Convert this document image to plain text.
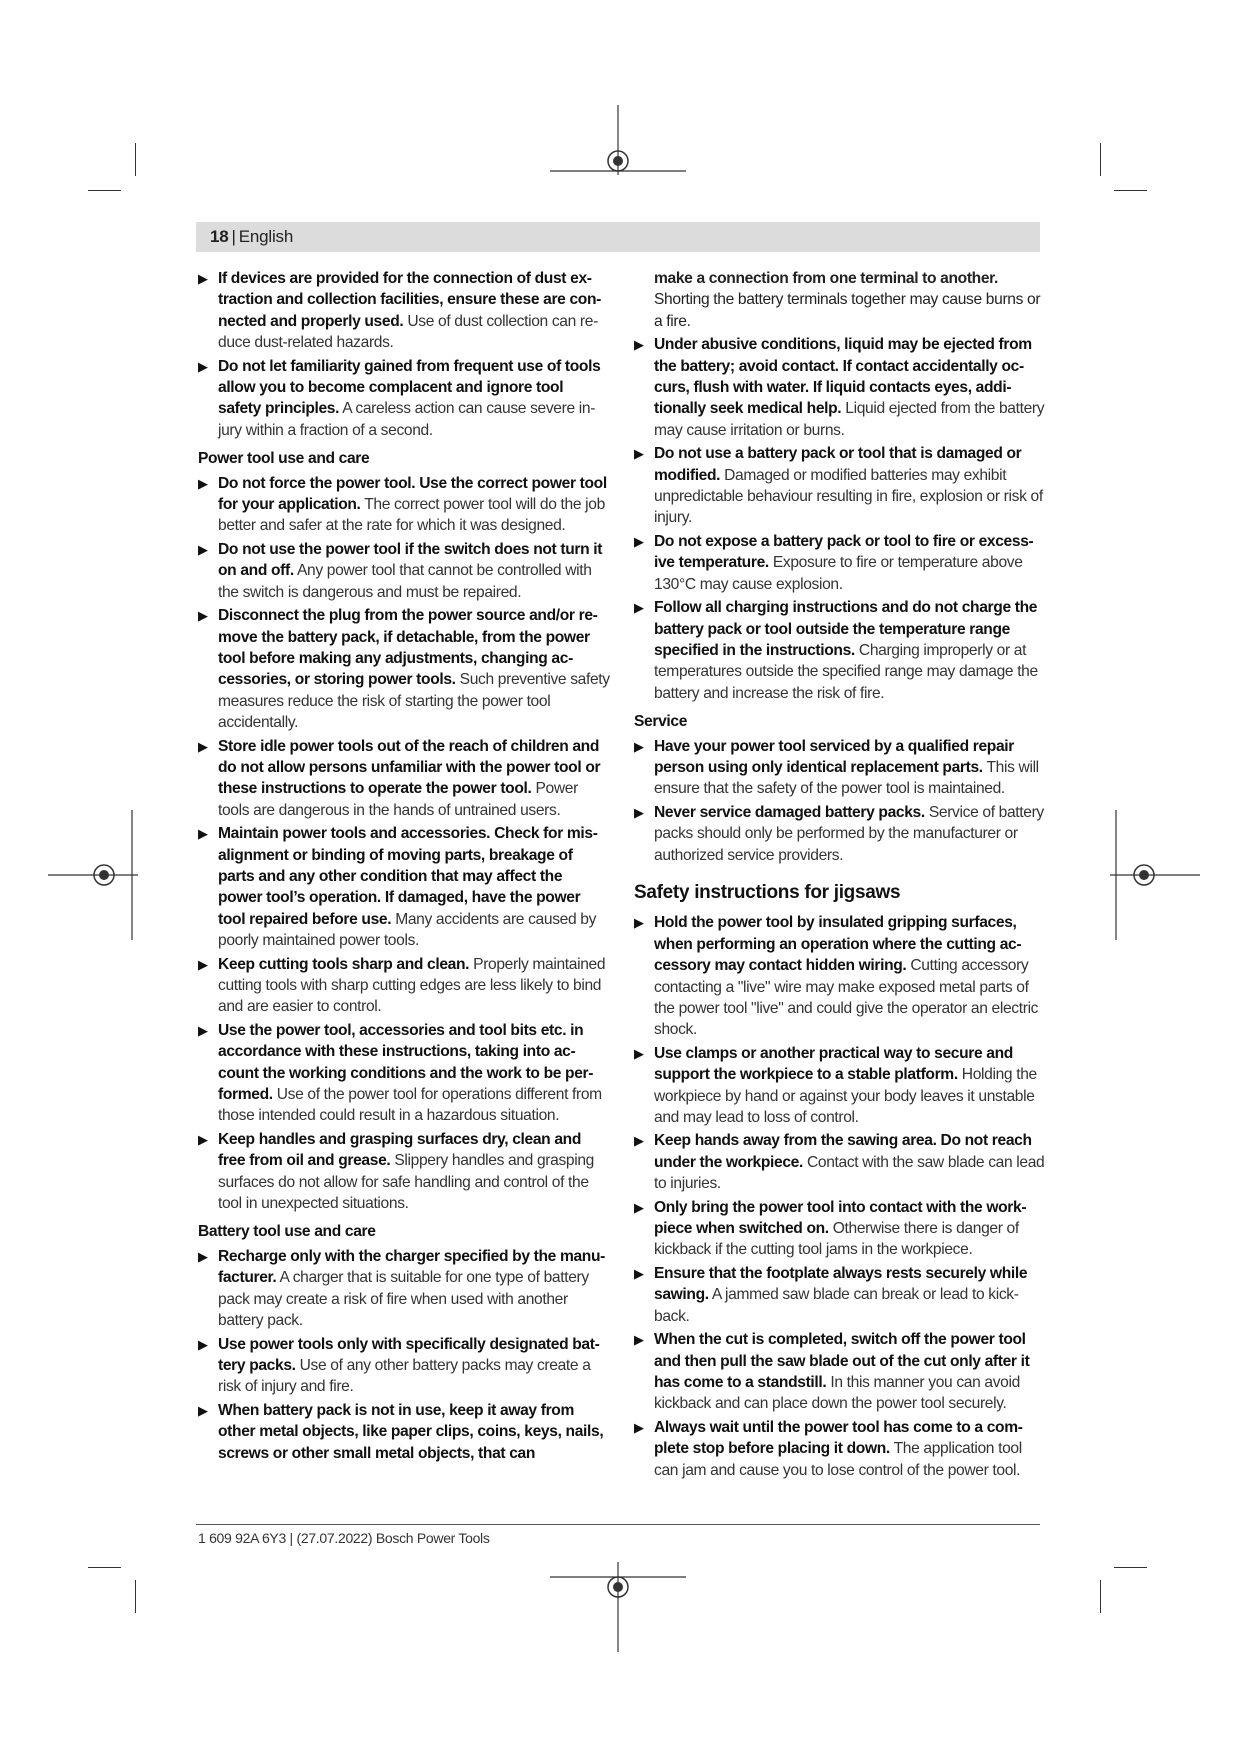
18 | English
▶ If devices are provided for the connection of dust extraction and collection facilities, ensure these are connected and properly used. Use of dust collection can reduce dust-related hazards.
▶ Do not let familiarity gained from frequent use of tools allow you to become complacent and ignore tool safety principles. A careless action can cause severe injury within a fraction of a second.
Power tool use and care
▶ Do not force the power tool. Use the correct power tool for your application. The correct power tool will do the job better and safer at the rate for which it was designed.
▶ Do not use the power tool if the switch does not turn it on and off. Any power tool that cannot be controlled with the switch is dangerous and must be repaired.
▶ Disconnect the plug from the power source and/or remove the battery pack, if detachable, from the power tool before making any adjustments, changing accessories, or storing power tools. Such preventive safety measures reduce the risk of starting the power tool accidentally.
▶ Store idle power tools out of the reach of children and do not allow persons unfamiliar with the power tool or these instructions to operate the power tool. Power tools are dangerous in the hands of untrained users.
▶ Maintain power tools and accessories. Check for misalignment or binding of moving parts, breakage of parts and any other condition that may affect the power tool’s operation. If damaged, have the power tool repaired before use. Many accidents are caused by poorly maintained power tools.
▶ Keep cutting tools sharp and clean. Properly maintained cutting tools with sharp cutting edges are less likely to bind and are easier to control.
▶ Use the power tool, accessories and tool bits etc. in accordance with these instructions, taking into account the working conditions and the work to be performed. Use of the power tool for operations different from those intended could result in a hazardous situation.
▶ Keep handles and grasping surfaces dry, clean and free from oil and grease. Slippery handles and grasping surfaces do not allow for safe handling and control of the tool in unexpected situations.
Battery tool use and care
▶ Recharge only with the charger specified by the manufacturer. A charger that is suitable for one type of battery pack may create a risk of fire when used with another battery pack.
▶ Use power tools only with specifically designated battery packs. Use of any other battery packs may create a risk of injury and fire.
▶ When battery pack is not in use, keep it away from other metal objects, like paper clips, coins, keys, nails, screws or other small metal objects, that can
make a connection from one terminal to another. Shorting the battery terminals together may cause burns or a fire.
▶ Under abusive conditions, liquid may be ejected from the battery; avoid contact. If contact accidentally occurs, flush with water. If liquid contacts eyes, additionally seek medical help. Liquid ejected from the battery may cause irritation or burns.
▶ Do not use a battery pack or tool that is damaged or modified. Damaged or modified batteries may exhibit unpredictable behaviour resulting in fire, explosion or risk of injury.
▶ Do not expose a battery pack or tool to fire or excessive temperature. Exposure to fire or temperature above 130°C may cause explosion.
▶ Follow all charging instructions and do not charge the battery pack or tool outside the temperature range specified in the instructions. Charging improperly or at temperatures outside the specified range may damage the battery and increase the risk of fire.
Service
▶ Have your power tool serviced by a qualified repair person using only identical replacement parts. This will ensure that the safety of the power tool is maintained.
▶ Never service damaged battery packs. Service of battery packs should only be performed by the manufacturer or authorized service providers.
Safety instructions for jigsaws
▶ Hold the power tool by insulated gripping surfaces, when performing an operation where the cutting accessory may contact hidden wiring. Cutting accessory contacting a "live" wire may make exposed metal parts of the power tool "live" and could give the operator an electric shock.
▶ Use clamps or another practical way to secure and support the workpiece to a stable platform. Holding the workpiece by hand or against your body leaves it unstable and may lead to loss of control.
▶ Keep hands away from the sawing area. Do not reach under the workpiece. Contact with the saw blade can lead to injuries.
▶ Only bring the power tool into contact with the workpiece when switched on. Otherwise there is danger of kickback if the cutting tool jams in the workpiece.
▶ Ensure that the footplate always rests securely while sawing. A jammed saw blade can break or lead to kickback.
▶ When the cut is completed, switch off the power tool and then pull the saw blade out of the cut only after it has come to a standstill. In this manner you can avoid kickback and can place down the power tool securely.
▶ Always wait until the power tool has come to a complete stop before placing it down. The application tool can jam and cause you to lose control of the power tool.
1 609 92A 6Y3 | (27.07.2022) Bosch Power Tools
